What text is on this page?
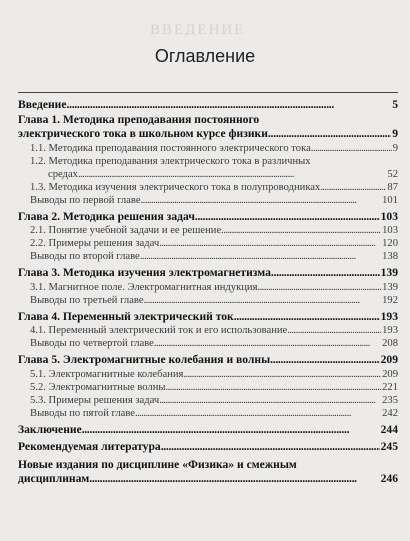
ВВЕДЕНИЕ
Оглавление
Введение . . .	5
Глава 1. Методика преподавания постоянного
электрического тока в школьном курсе физики . . .	9
1.1. Методика преподавания постоянного электрического тока . . .	9
1.2. Методика преподавания электрического тока в различных
средах . . .	52
1.3. Методика изучения электрического тока в полупроводниках . . .	87
Выводы по первой главе . . .	101
Глава 2. Методика решения задач . . .	103
2.1. Понятие учебной задачи и ее решение . . .	103
2.2. Примеры решения задач . . .	120
Выводы по второй главе . . .	138
Глава 3. Методика изучения электромагнетизма . . .	139
3.1. Магнитное поле. Электромагнитная индукция . . .	139
Выводы по третьей главе . . .	192
Глава 4. Переменный электрический ток . . .	193
4.1. Переменный электрический ток и его использование . . .	193
Выводы по четвертой главе . . .	208
Глава 5. Электромагнитные колебания и волны . . .	209
5.1. Электромагнитные колебания . . .	209
5.2. Электромагнитные волны . . .	221
5.3. Примеры решения задач . . .	235
Выводы по пятой главе . . .	242
Заключение . . .	244
Рекомендуемая литература . . .	245
Новые издания по дисциплине «Физика» и смежным
дисциплинам . . .	246
